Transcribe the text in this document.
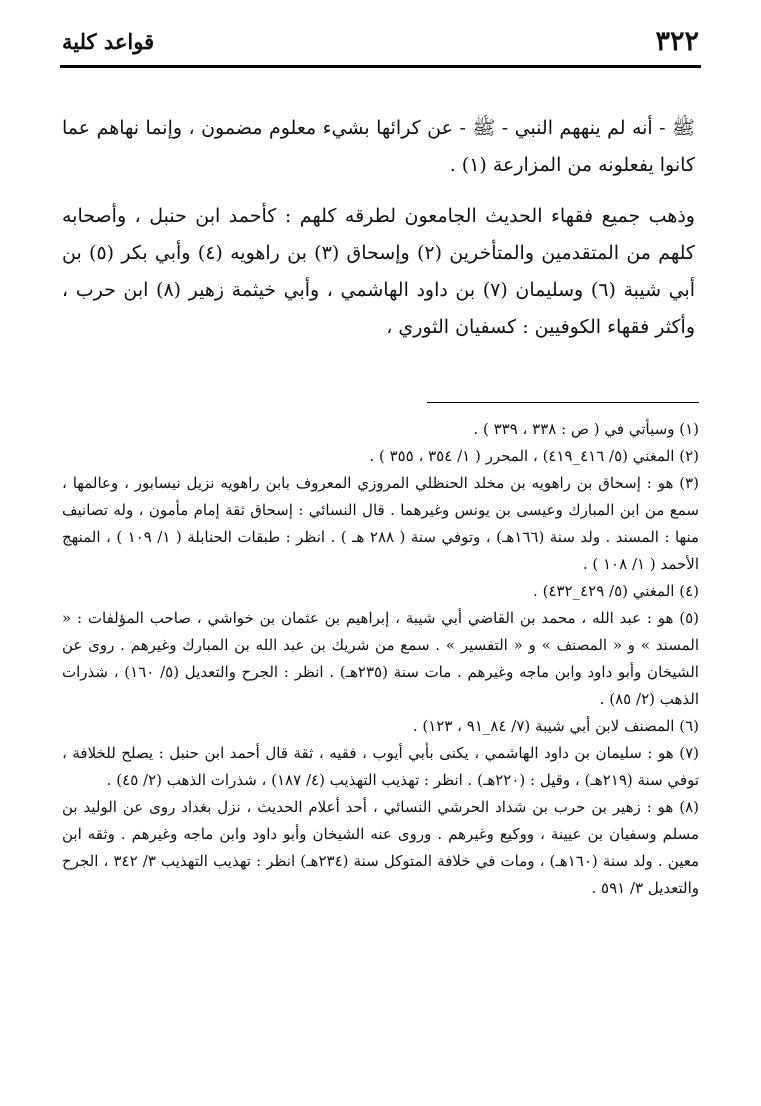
٣٢٢
قواعد كلية

ﷺ - أنه لم ينههم النبي - ﷺ - عن كرائها بشيء معلوم مضمون ، وإنما نهاهم عما كانوا يفعلونه من المزارعة (١) .

وذهب جميع فقهاء الحديث الجامعون لطرقه كلهم : كأحمد ابن حنبل ، وأصحابه كلهم من المتقدمين والمتأخرين (٢) وإسحاق (٣) بن راهويه (٤) وأبي بكر (٥) بن أبي شيبة (٦) وسليمان (٧) بن داود الهاشمي ، وأبي خيثمة زهير (٨) ابن حرب ، وأكثر فقهاء الكوفيين : كسفيان الثوري ،

(١) وسيأتي في ( ص : ٣٣٨ ، ٣٣٩ ) .

(٢) المغني (٥/ ٤١٦_٤١٩) ، المحرر ( ١/ ٣٥٤ ، ٣٥٥ ) .

(٣) هو : إسحاق بن راهويه بن مخلد الحنظلي المروزي المعروف بابن راهويه نزيل نيسابور ، وعالمها ، سمع من ابن المبارك وعيسى بن يونس وغيرهما . قال النسائي : إسحاق ثقة إمام مأمون ، وله تصانيف منها : المسند . ولد سنة (١٦٦هـ) ، وتوفي سنة ( ٢٨٨ هـ ) . انظر : طبقات الحنابلة ( ١/ ١٠٩ ) ، المنهج الأحمد ( ١/ ١٠٨ ) .

(٤) المغني (٥/ ٤٢٩_٤٣٢) .

(٥) هو : عبد الله ، محمد بن القاضي أبي شيبة ، إبراهيم بن عثمان بن خواشي ، صاحب المؤلفات : « المسند » و « المصنف » و « التفسير » . سمع من شريك بن عبد الله بن المبارك وغيرهم . روى عن الشيخان وأبو داود وابن ماجه وغيرهم . مات سنة (٢٣٥هـ) . انظر : الجرح والتعديل (٥/ ١٦٠) ، شذرات الذهب (٢/ ٨٥) .

(٦) المصنف لابن أبي شيبة (٧/ ٨٤_٩١ ، ١٢٣) .

(٧) هو : سليمان بن داود الهاشمي ، يكنى بأبي أيوب ، فقيه ، ثقة قال أحمد ابن حنبل : يصلح للخلافة ، توفي سنة (٢١٩هـ) ، وقيل : (٢٢٠هـ) . انظر : تهذيب التهذيب (٤/ ١٨٧) ، شذرات الذهب (٢/ ٤٥) .

(٨) هو : زهير بن حرب بن شداد الحرشي النسائي ، أحد أعلام الحديث ، نزل بغداد روى عن الوليد بن مسلم وسفيان بن عيينة ، ووكيع وغيرهم . وروى عنه الشيخان وأبو داود وابن ماجه وغيرهم . وثقه ابن معين . ولد سنة (١٦٠هـ) ، ومات في خلافة المتوكل سنة (٢٣٤هـ) انظر : تهذيب التهذيب ٣/ ٣٤٢ ، الجرح والتعديل ٣/ ٥٩١ .
